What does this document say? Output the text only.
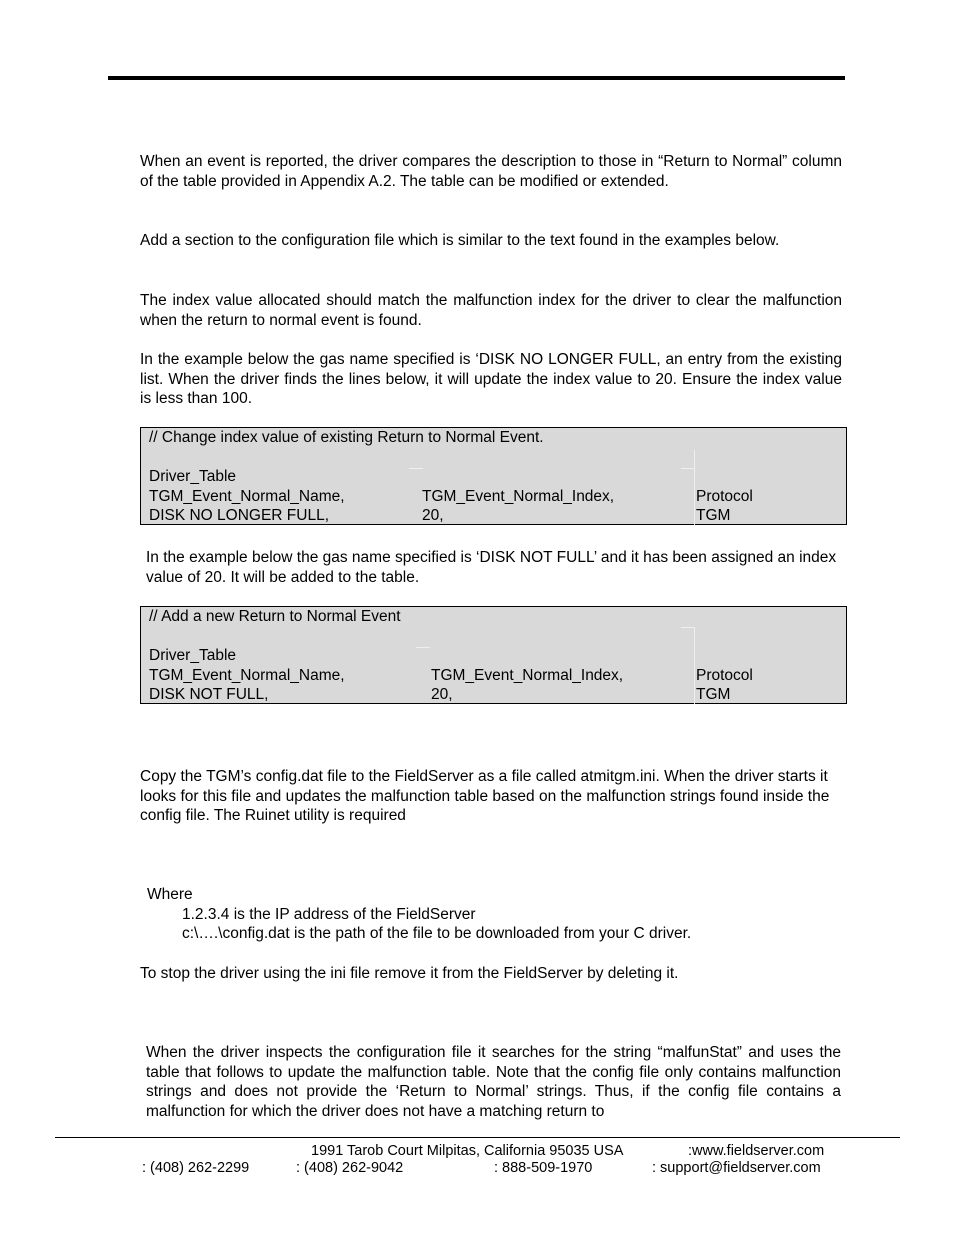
When an event is reported, the driver compares the description to those in “Return to Normal” column of the table provided in Appendix A.2. The table can be modified or extended.
Add a section to the configuration file which is similar to the text found in the examples below.
The index value allocated should match the malfunction index for the driver to clear the malfunction when the return to normal event is found.
In the example below the gas name specified is ‘DISK NO LONGER FULL, an entry from the existing list. When the driver finds the lines below, it will update the index value to 20. Ensure the index value is less than 100.
// Change index value of existing Return to Normal Event.
Driver_Table
TGM_Event_Normal_Name,	TGM_Event_Normal_Index,	Protocol
DISK NO LONGER FULL,	20,	TGM
In the example below the gas name specified is ‘DISK NOT FULL’ and it has been assigned an index value of 20. It will be added to the table.
// Add a new Return to Normal Event
Driver_Table
TGM_Event_Normal_Name,	TGM_Event_Normal_Index,	Protocol
DISK NOT FULL,	20,	TGM
Copy the TGM’s config.dat file to the FieldServer as a file called atmitgm.ini. When the driver starts it looks for this file and updates the malfunction table based on the malfunction strings found inside the config file. The Ruinet utility is required
Where
1.2.3.4 is the IP address of the FieldServer
c:\….\config.dat is the path of the file to be downloaded from your C driver.
To stop the driver using the ini file remove it from the FieldServer by deleting it.
When the driver inspects the configuration file it searches for the string “malfunStat” and uses the table that follows to update the malfunction table. Note that the config file only contains malfunction strings and does not provide the ‘Return to Normal’ strings. Thus, if the config file contains a malfunction for which the driver does not have a matching return to
1991 Tarob Court Milpitas, California 95035 USA	:www.fieldserver.com
: (408) 262-2299	: (408) 262-9042	: 888-509-1970	: support@fieldserver.com
